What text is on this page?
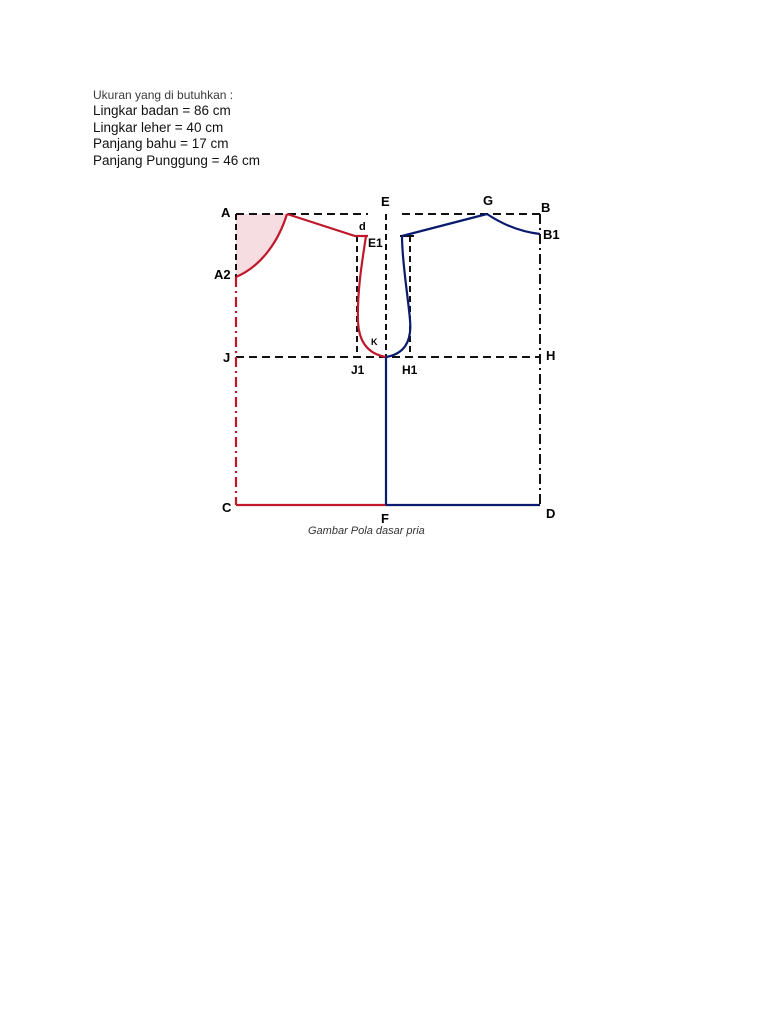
Ukuran yang di butuhkan :

Lingkar badan = 86 cm
Lingkar leher = 40 cm
Panjang bahu = 17 cm
Panjang Punggung = 46 cm
A
E	G	B
d
E1
B1
A2
K
J	H
J1	H1
C
F	D
Gambar Pola dasar pria
